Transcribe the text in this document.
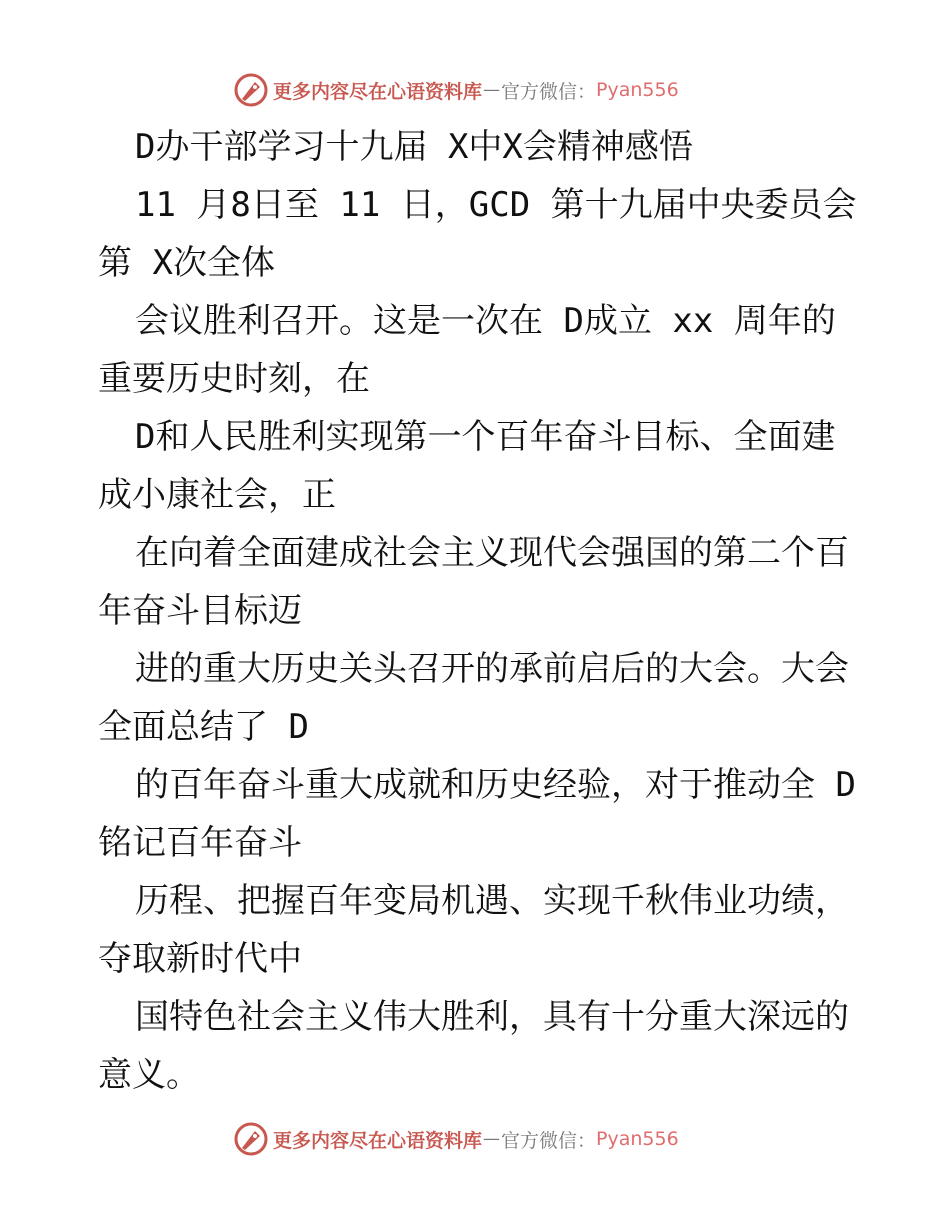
更多内容尽在心语资料库 — 官方微信： Pyan556
D办干部学习十九届 X中X会精神感悟
11 月8日至 11 日，GCD 第十九届中央委员会
第 X次全体
会议胜利召开。这是一次在 D成立 xx 周年的
重要历史时刻，在
D和人民胜利实现第一个百年奋斗目标、全面建
成小康社会，正
在向着全面建成社会主义现代会强国的第二个百
年奋斗目标迈
进的重大历史关头召开的承前启后的大会。大会
全面总结了 D
的百年奋斗重大成就和历史经验，对于推动全 D
铭记百年奋斗
历程、把握百年变局机遇、实现千秋伟业功绩，
夺取新时代中
国特色社会主义伟大胜利，具有十分重大深远的
意义。
更多内容尽在心语资料库 — 官方微信： Pyan556
